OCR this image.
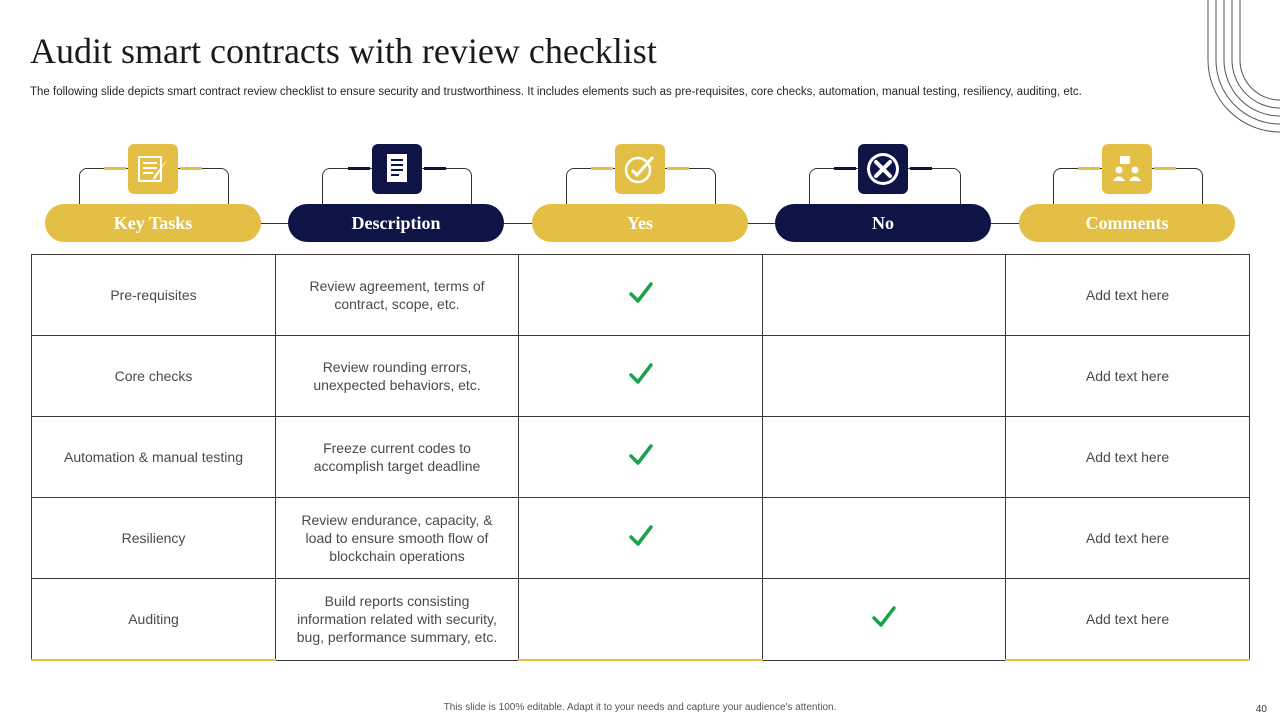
Audit smart contracts with review checklist
The following slide depicts smart contract review checklist to ensure security and trustworthiness. It includes elements such as pre-requisites, core checks, automation, manual testing, resiliency, auditing, etc.
Key Tasks	Description	Yes	No	Comments
Pre-requisites	Review agreement, terms of contract, scope, etc.			Add text here
Core checks	Review rounding errors, unexpected behaviors, etc.			Add text here
Automation & manual testing	Freeze current codes to accomplish target deadline			Add text here
Resiliency	Review endurance, capacity, & load to ensure smooth flow of blockchain operations			Add text here
Auditing	Build reports consisting information related with security, bug, performance summary, etc.			Add text here
This slide is 100% editable. Adapt it to your needs and capture your audience's attention.	40
